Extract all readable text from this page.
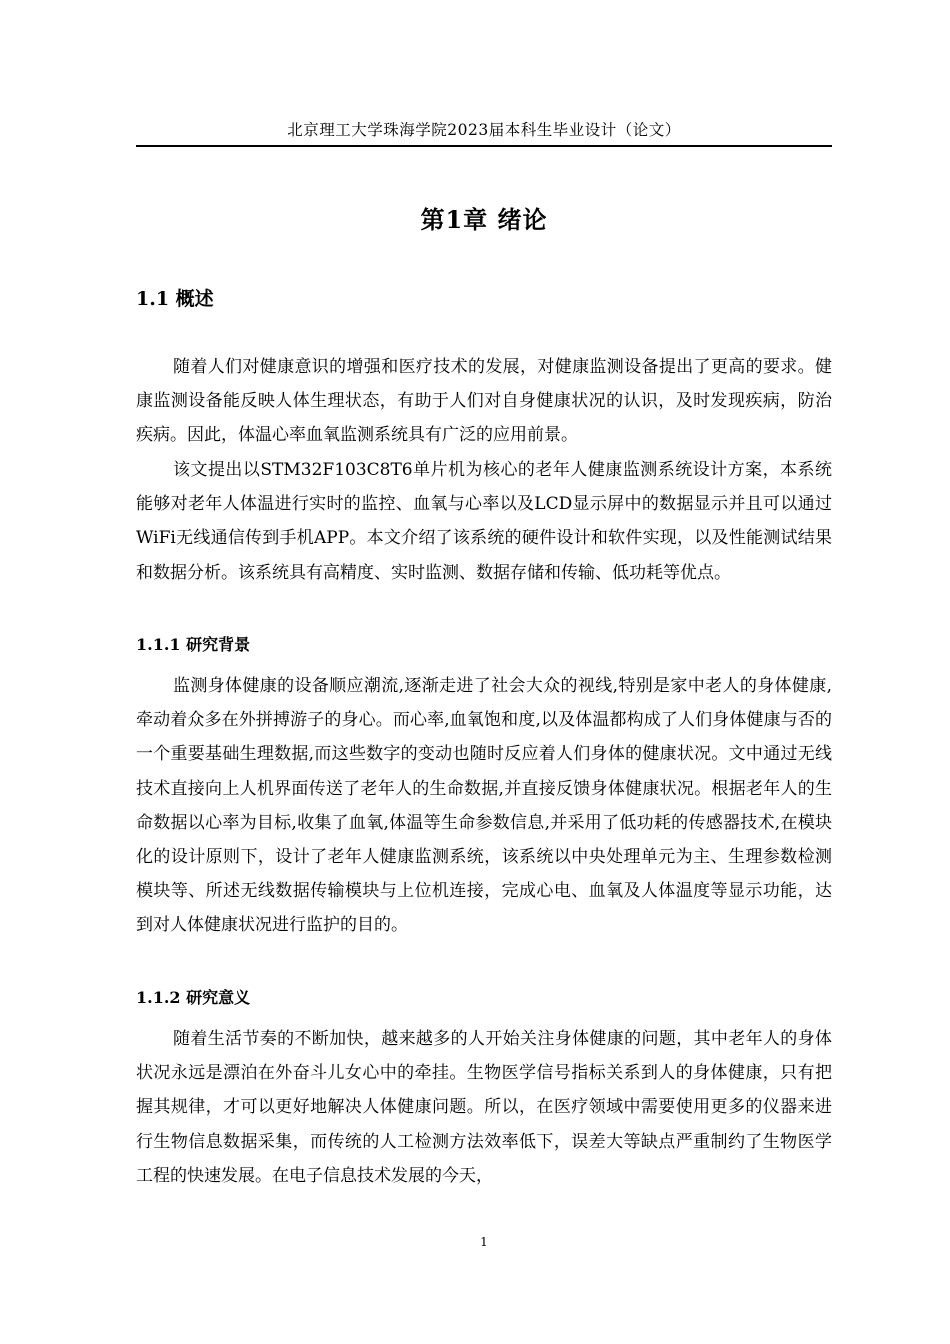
北京理工大学珠海学院2023届本科生毕业设计（论文）
第1章 绪论
1.1 概述

随着人们对健康意识的增强和医疗技术的发展，对健康监测设备提出了更高的要求。健康监测设备能反映人体生理状态，有助于人们对自身健康状况的认识，及时发现疾病，防治疾病。因此，体温心率血氧监测系统具有广泛的应用前景。

该文提出以STM32F103C8T6单片机为核心的老年人健康监测系统设计方案，本系统能够对老年人体温进行实时的监控、血氧与心率以及LCD显示屏中的数据显示并且可以通过WiFi无线通信传到手机APP。本文介绍了该系统的硬件设计和软件实现，以及性能测试结果和数据分析。该系统具有高精度、实时监测、数据存储和传输、低功耗等优点。

1.1.1 研究背景

监测身体健康的设备顺应潮流,逐渐走进了社会大众的视线,特别是家中老人的身体健康,牵动着众多在外拼搏游子的身心。而心率,血氧饱和度,以及体温都构成了人们身体健康与否的一个重要基础生理数据,而这些数字的变动也随时反应着人们身体的健康状况。文中通过无线技术直接向上人机界面传送了老年人的生命数据,并直接反馈身体健康状况。根据老年人的生命数据以心率为目标,收集了血氧,体温等生命参数信息,并采用了低功耗的传感器技术,在模块化的设计原则下，设计了老年人健康监测系统，该系统以中央处理单元为主、生理参数检测模块等、所述无线数据传输模块与上位机连接，完成心电、血氧及人体温度等显示功能，达到对人体健康状况进行监护的目的。

1.1.2 研究意义

随着生活节奏的不断加快，越来越多的人开始关注身体健康的问题，其中老年人的身体状况永远是漂泊在外奋斗儿女心中的牵挂。生物医学信号指标关系到人的身体健康，只有把握其规律，才可以更好地解决人体健康问题。所以，在医疗领域中需要使用更多的仪器来进行生物信息数据采集，而传统的人工检测方法效率低下，误差大等缺点严重制约了生物医学工程的快速发展。在电子信息技术发展的今天，

1
